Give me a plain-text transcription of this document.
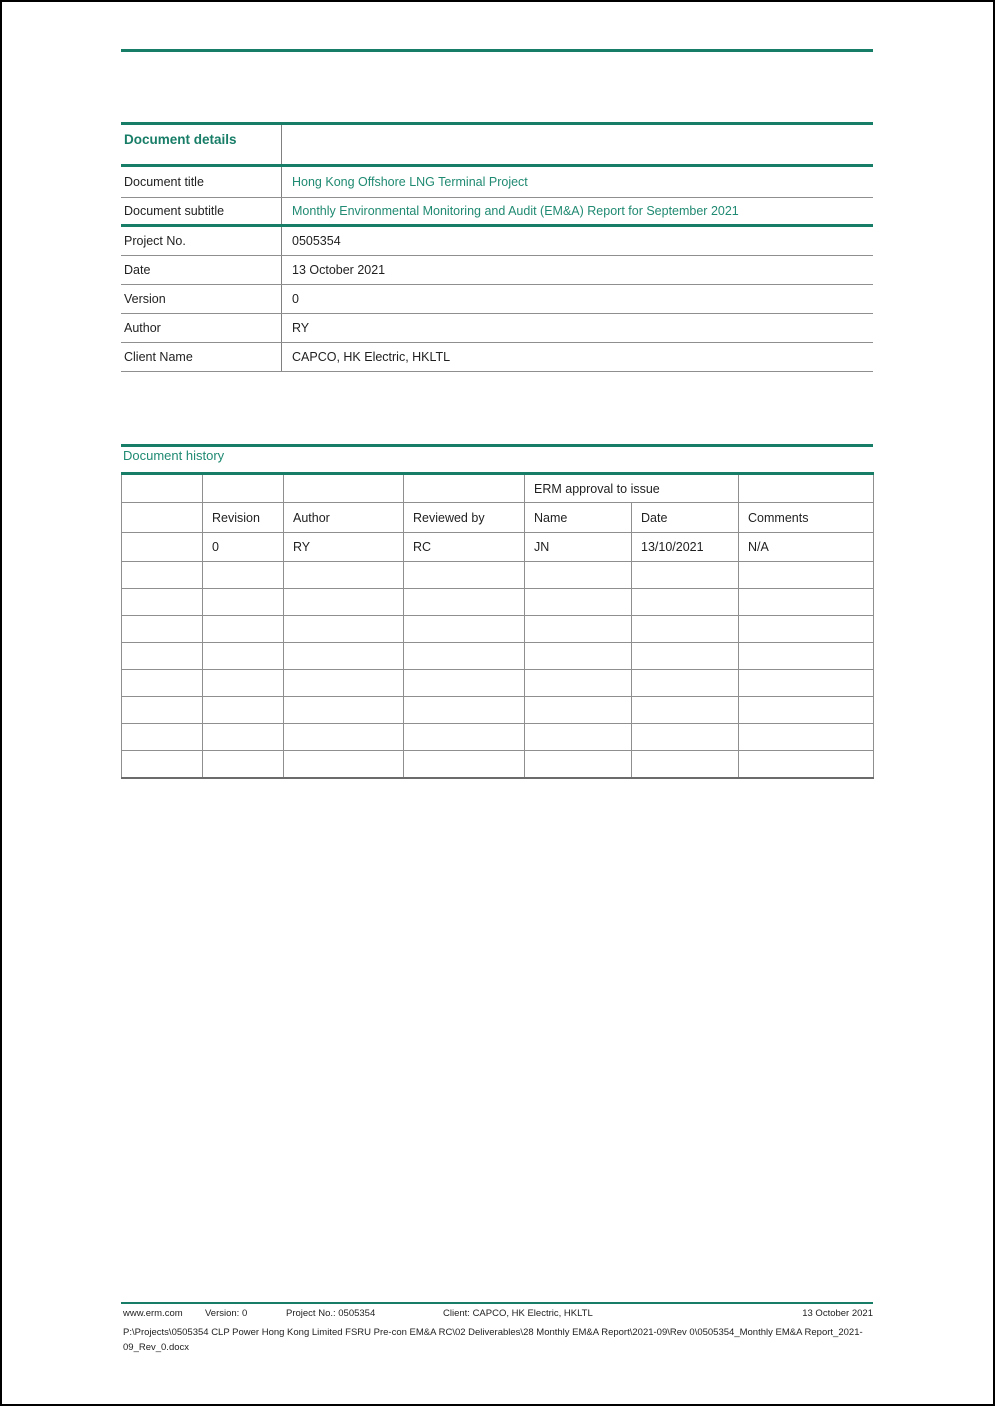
Document details
Document title	Hong Kong Offshore LNG Terminal Project
Document subtitle	Monthly Environmental Monitoring and Audit (EM&A) Report for September 2021
Project No.	0505354
Date	13 October 2021
Version	0
Author	RY
Client Name	CAPCO, HK Electric, HKLTL
Document history
				ERM approval to issue		
	Revision	Author	Reviewed by	Name	Date	Comments
	0	RY	RC	JN	13/10/2021	N/A

www.erm.com Version: 0	Project No.: 0505354	Client: CAPCO, HK Electric, HKLTL	13 October 2021
P:\Projects\0505354 CLP Power Hong Kong Limited FSRU Pre-con EM&A RC\02 Deliverables\28 Monthly EM&A Report\2021-09\Rev 0\0505354_Monthly EM&A Report_2021-09_Rev_0.docx
